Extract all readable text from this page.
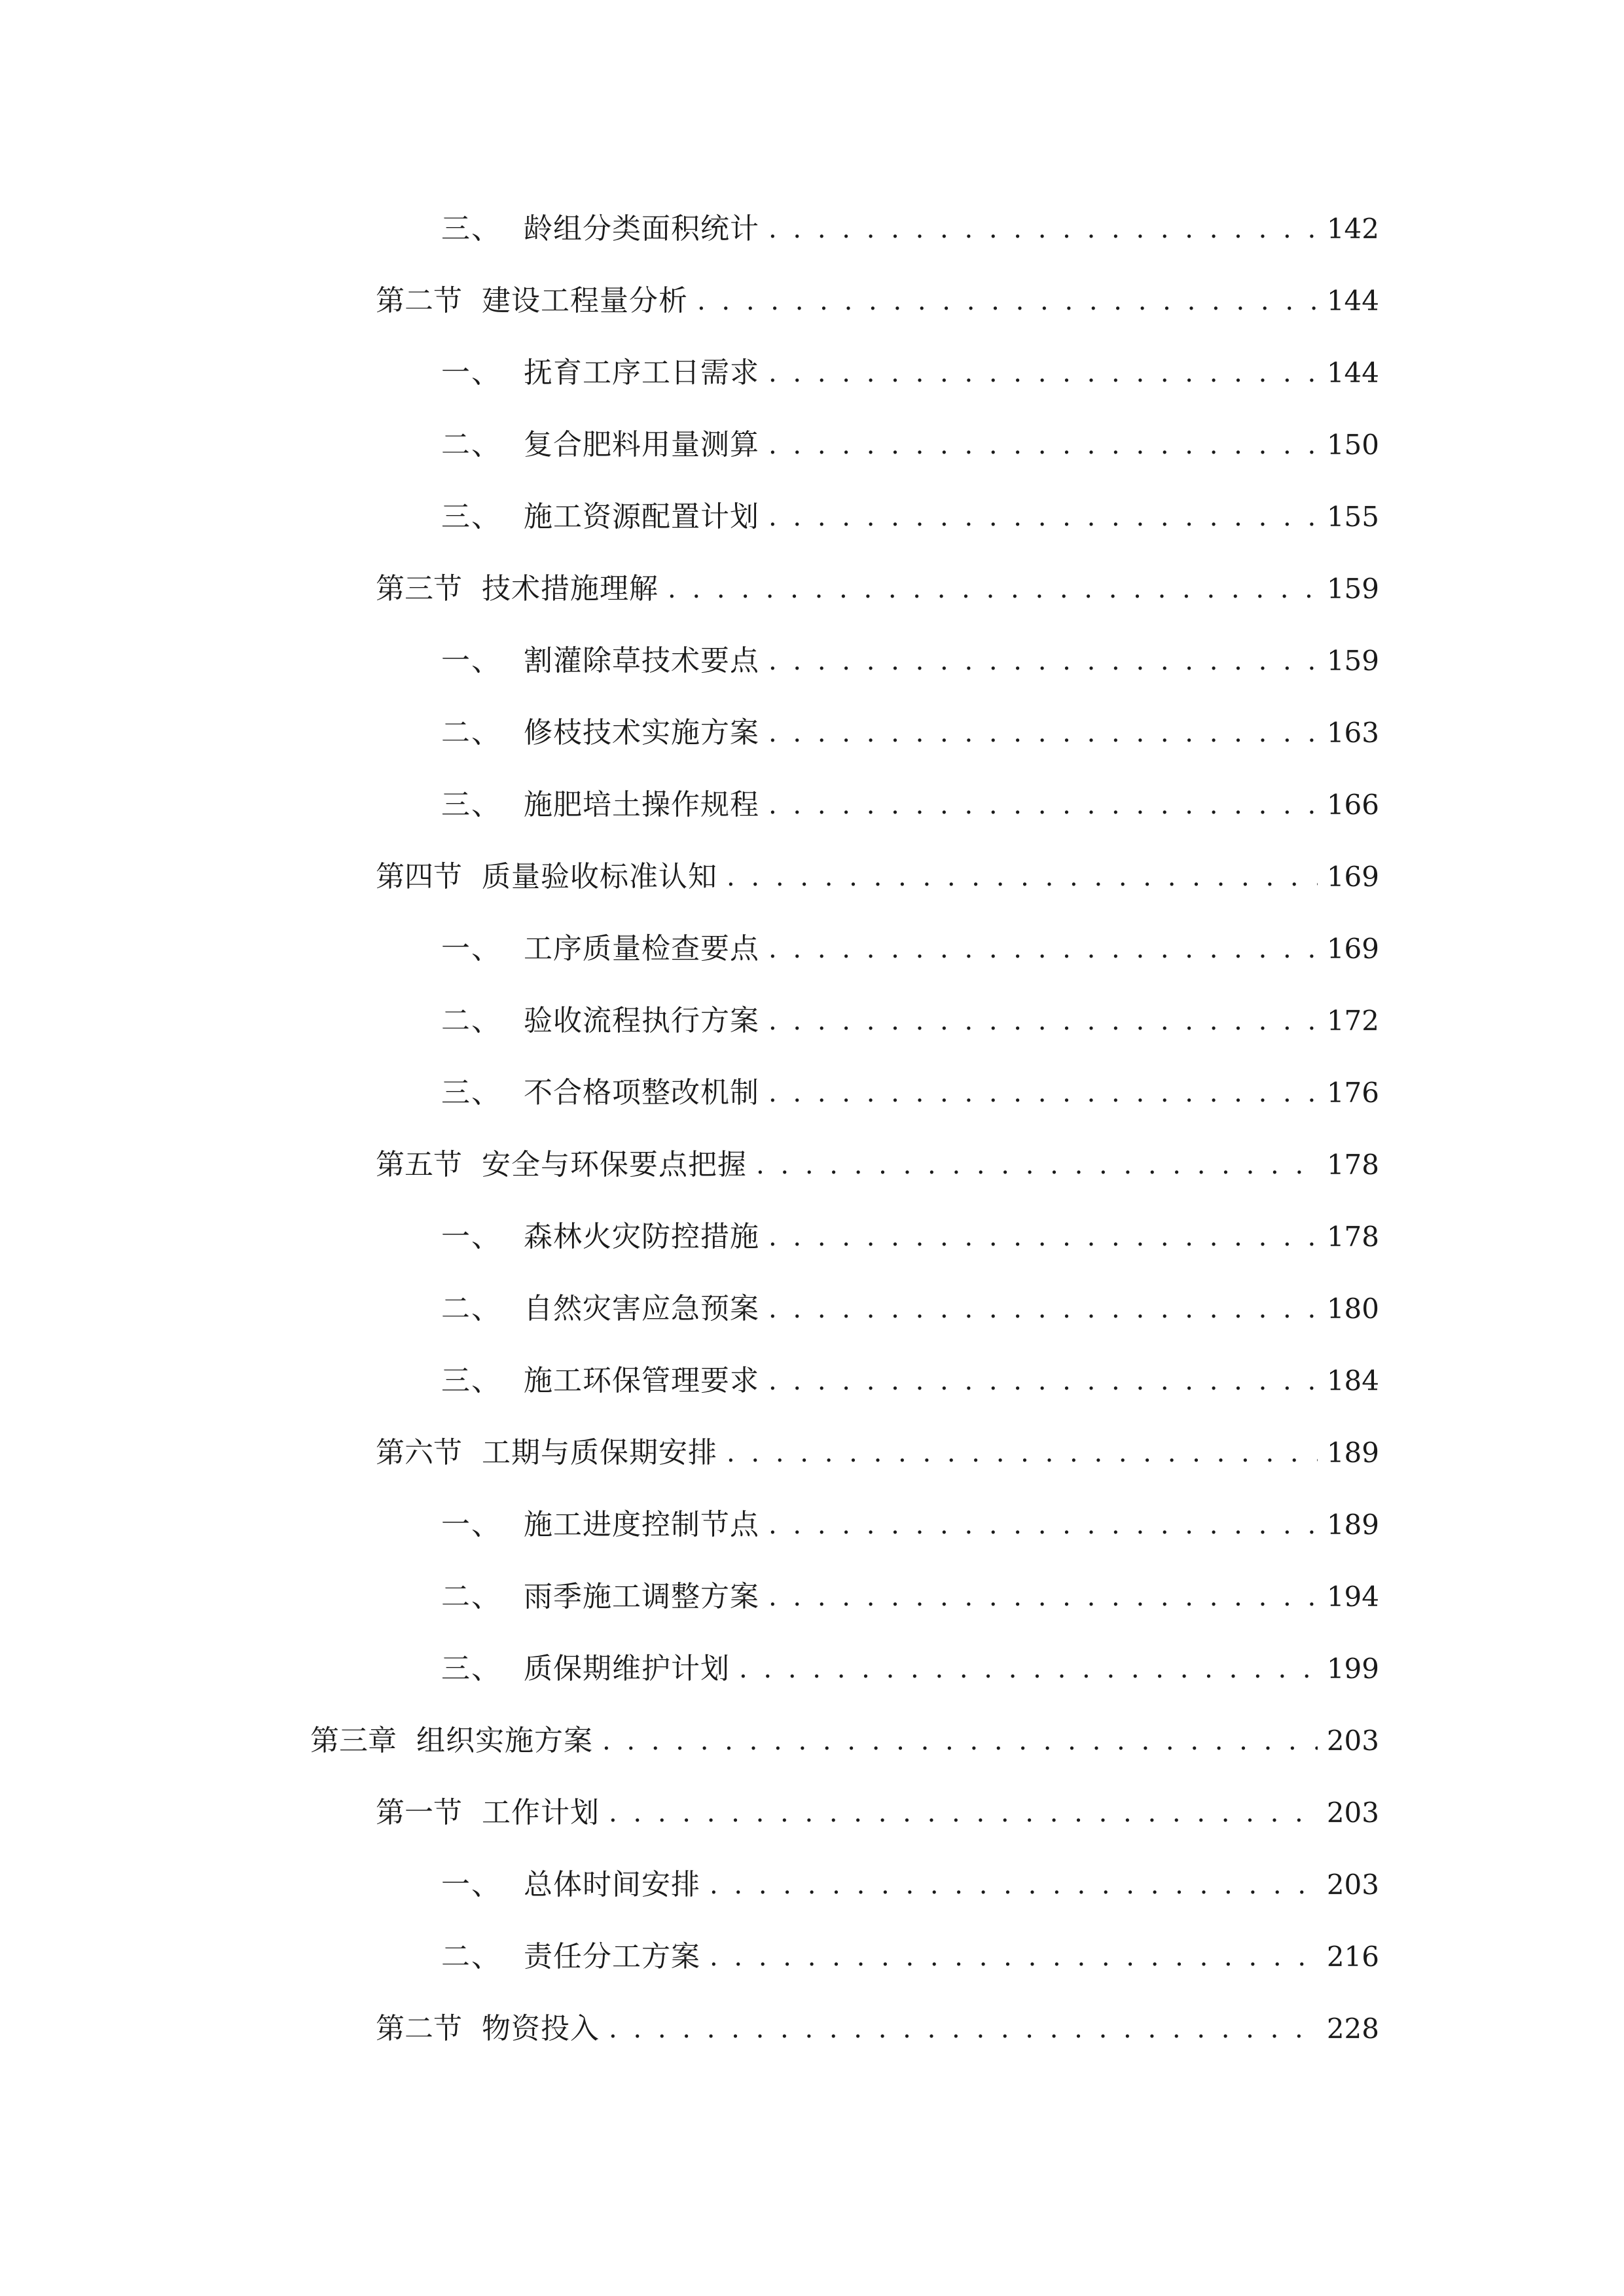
三、 龄组分类面积统计 . . .	142
第二节 建设工程量分析 . . .	144
一、 抚育工序工日需求 . . .	144
二、 复合肥料用量测算 . . .	150
三、 施工资源配置计划 . . .	155
第三节 技术措施理解 . . .	159
一、 割灌除草技术要点 . . .	159
二、 修枝技术实施方案 . . .	163
三、 施肥培土操作规程 . . .	166
第四节 质量验收标准认知 . . .	169
一、 工序质量检查要点 . . .	169
二、 验收流程执行方案 . . .	172
三、 不合格项整改机制 . . .	176
第五节 安全与环保要点把握 . . .	178
一、 森林火灾防控措施 . . .	178
二、 自然灾害应急预案 . . .	180
三、 施工环保管理要求 . . .	184
第六节 工期与质保期安排 . . .	189
一、 施工进度控制节点 . . .	189
二、 雨季施工调整方案 . . .	194
三、 质保期维护计划 . . .	199
第三章 组织实施方案 . . .	203
第一节 工作计划 . . .	203
一、 总体时间安排 . . .	203
二、 责任分工方案 . . .	216
第二节 物资投入 . . .	228
